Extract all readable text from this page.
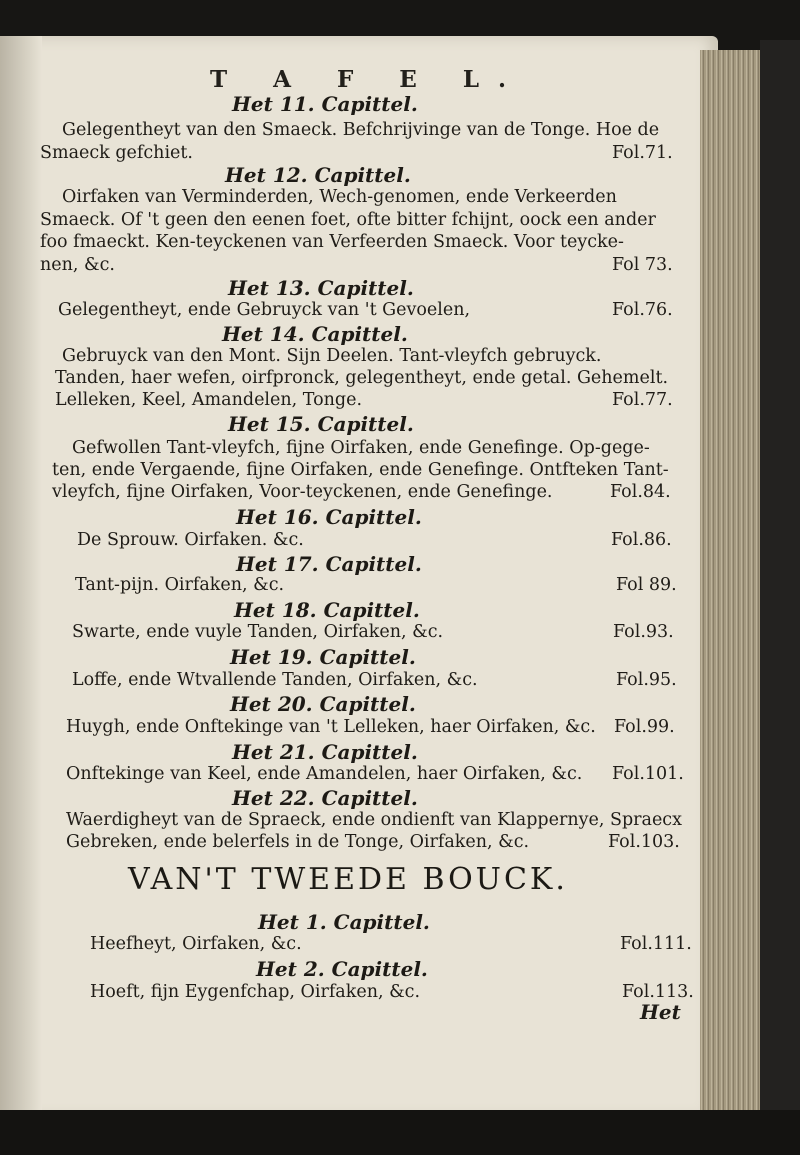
T A F E L.
Het 11. Capittel.
Gelegentheyt van den Smaeck. Befchrijvinge van de Tonge. Hoe de
Smaeck gefchiet.	Fol.71.
Het 12. Capittel.
Oirfaken van Verminderden, Wech-genomen, ende Verkeerden
Smaeck. Of 't geen den eenen foet, ofte bitter fchijnt, oock een ander
foo fmaeckt. Ken-teyckenen van Verfeerden Smaeck. Voor teycke-
nen, &c.	Fol 73.
Het 13. Capittel.
Gelegentheyt, ende Gebruyck van 't Gevoelen,	Fol.76.
Het 14. Capittel.
Gebruyck van den Mont. Sijn Deelen. Tant-vleyfch gebruyck.
Tanden, haer wefen, oirfpronck, gelegentheyt, ende getal. Gehemelt.
Lelleken, Keel, Amandelen, Tonge.	Fol.77.
Het 15. Capittel.
Gefwollen Tant-vleyfch, fijne Oirfaken, ende Genefinge. Op-gege-
ten, ende Vergaende, fijne Oirfaken, ende Genefinge. Ontfteken Tant-
vleyfch, fijne Oirfaken, Voor-teyckenen, ende Genefinge.	Fol.84.
Het 16. Capittel.
De Sprouw. Oirfaken. &c.	Fol.86.
Het 17. Capittel.
Tant-pijn. Oirfaken, &c.	Fol 89.
Het 18. Capittel.
Swarte, ende vuyle Tanden, Oirfaken, &c.	Fol.93.
Het 19. Capittel.
Loffe, ende Wtvallende Tanden, Oirfaken, &c.	Fol.95.
Het 20. Capittel.
Huygh, ende Onftekinge van 't Lelleken, haer Oirfaken, &c. Fol.99.
Het 21. Capittel.
Onftekinge van Keel, ende Amandelen, haer Oirfaken, &c. Fol.101.
Het 22. Capittel.
Waerdigheyt van de Spraeck, ende ondienft van Klappernye, Spraecx
Gebreken, ende belerfels in de Tonge, Oirfaken, &c.	Fol.103.
VAN'T TWEEDE BOUCK.
Het 1. Capittel.
Heefheyt, Oirfaken, &c.	Fol.111.
Het 2. Capittel.
Hoeft, fijn Eygenfchap, Oirfaken, &c.	Fol.113.
Het
